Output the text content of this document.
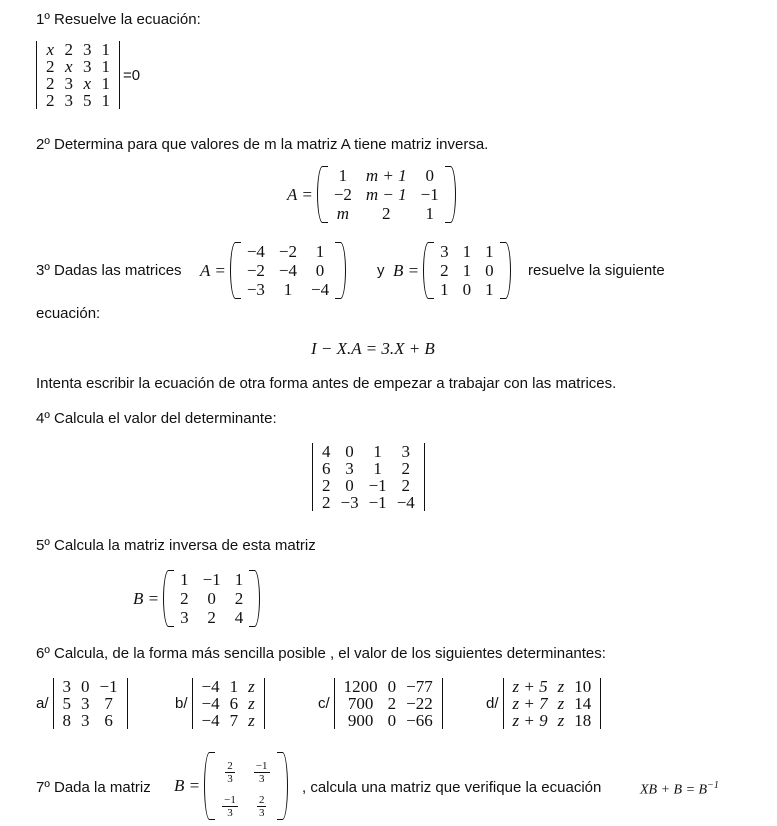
1º Resuelve la ecuación:
x	2	3	1
2	x	3	1
2	3	x	1
2	3	5	1
=0
2º Determina para que valores de m la matriz A tiene matriz inversa.
A =
1	m + 1	0
−2	m − 1	−1
m	2	1
3º Dadas las matrices A =
−4	−2	1
−2	−4	0
−3	1	−4
y B =
3	1	1
2	1	0
1	0	1
resuelve la siguiente
ecuación:
I − X.A = 3.X + B
Intenta escribir la ecuación de otra forma antes de empezar a trabajar con las matrices.
4º Calcula el valor del determinante:
4	0	1	3
6	3	1	2
2	0	−1	2
2	−3	−1	−4
5º Calcula la matriz inversa de esta matriz
B =
1	−1	1
2	0	2
3	2	4
6º Calcula, de la forma más sencilla posible , el valor de los siguientes determinantes:
a/
3	0	−1
5	3	7
8	3	6
b/
−4	1	z
−4	6	z
−4	7	z
c/
1200	0	−77
700	2	−22
900	0	−66
d/
z + 5	z	10
z + 7	z	14
z + 9	z	18
7º Dada la matriz B =
$\frac{2}{3}$	$\frac{-1}{3}$

$\frac{-1}{3}$	$\frac{2}{3}$
, calcula una matriz que verifique la ecuación	XB + $B = B^{-1}$
